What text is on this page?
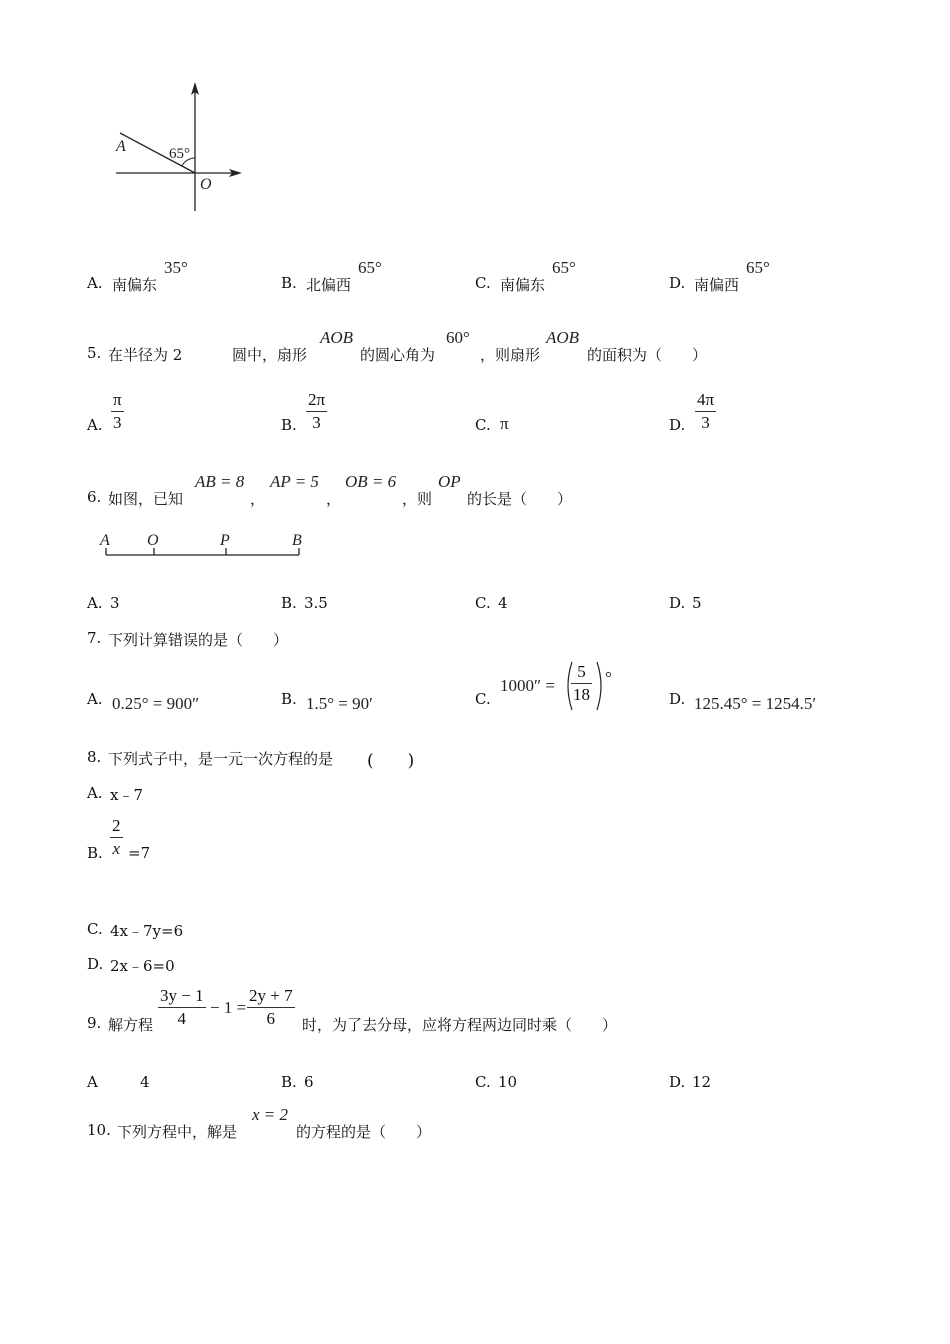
A
O
65°
A. 南偏东
35°
B. 北偏西
65°
C. 南偏东
65°
D. 南偏西
65°
5. 在半径为 2	圆中，扇形
AOB
的圆心角为
60°
，则扇形
AOB
的面积为（　　）
A. $\frac{\pi}{3}$	B. $\frac{2\pi}{3}$	C. π	D. $\frac{4\pi}{3}$
6. 如图，已知
AB = 8
，
AP = 5
，
OB = 6
，则
OP
的长是（　　）
A O	P	B
A. 3	B. 3.5	C. 4	D. 5
7. 下列计算错误的是（　　）
A. 0.25° = 900″	B. 1.5° = 90′	C.
$1000'' = \frac{5}{18}$ °
D. 125.45° = 1254.5′
8. 下列式子中，是一元一次方程的是 (　　)
A. x﹣7
B. $\frac{2}{x} =7$
C. 4x﹣7y=6
D. 2x﹣6=0
9. 解方程 $\frac{3y - 1}{4} - 1 = \frac{2y + 7}{6}$ 时，为了去分母，应将方程两边同时乘（　　）
A	4	B. 6	C. 10	D. 12
10. 下列方程中，解是
x = 2
的方程的是（　　）
